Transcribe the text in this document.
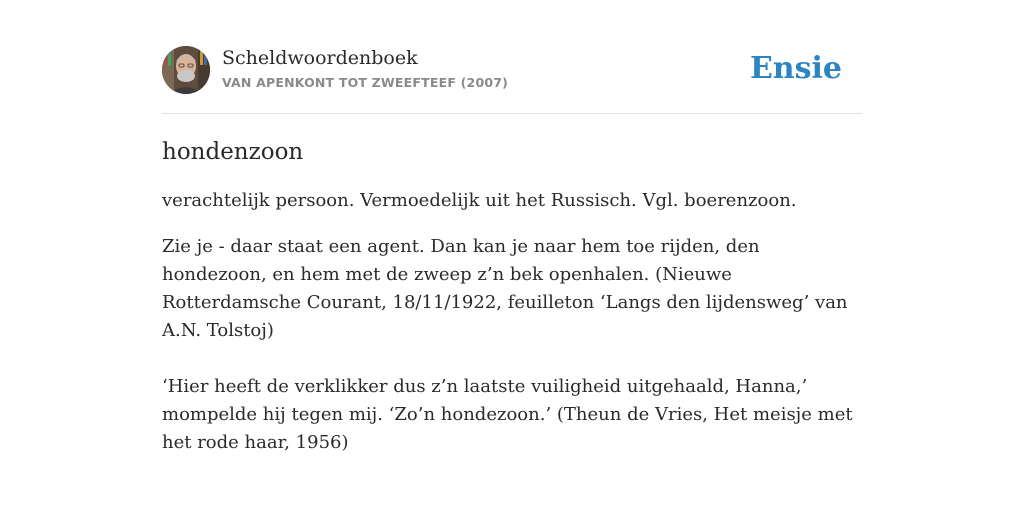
Scheldwoordenboek
VAN APENKONT TOT ZWEEFTEEF (2007)	Ensie
hondenzoon

verachtelijk persoon. Vermoedelijk uit het Russisch. Vgl. boerenzoon.

Zie je - daar staat een agent. Dan kan je naar hem toe rijden, den hondezoon, en hem met de zweep z’n bek openhalen. (Nieuwe Rotterdamsche Courant, 18/11/1922, feuilleton ‘Langs den lijdensweg’ van A.N. Tolstoj)

‘Hier heeft de verklikker dus z’n laatste vuiligheid uitgehaald, Hanna,’ mompelde hij tegen mij. ‘Zo’n hondezoon.’ (Theun de Vries, Het meisje met het rode haar, 1956)
